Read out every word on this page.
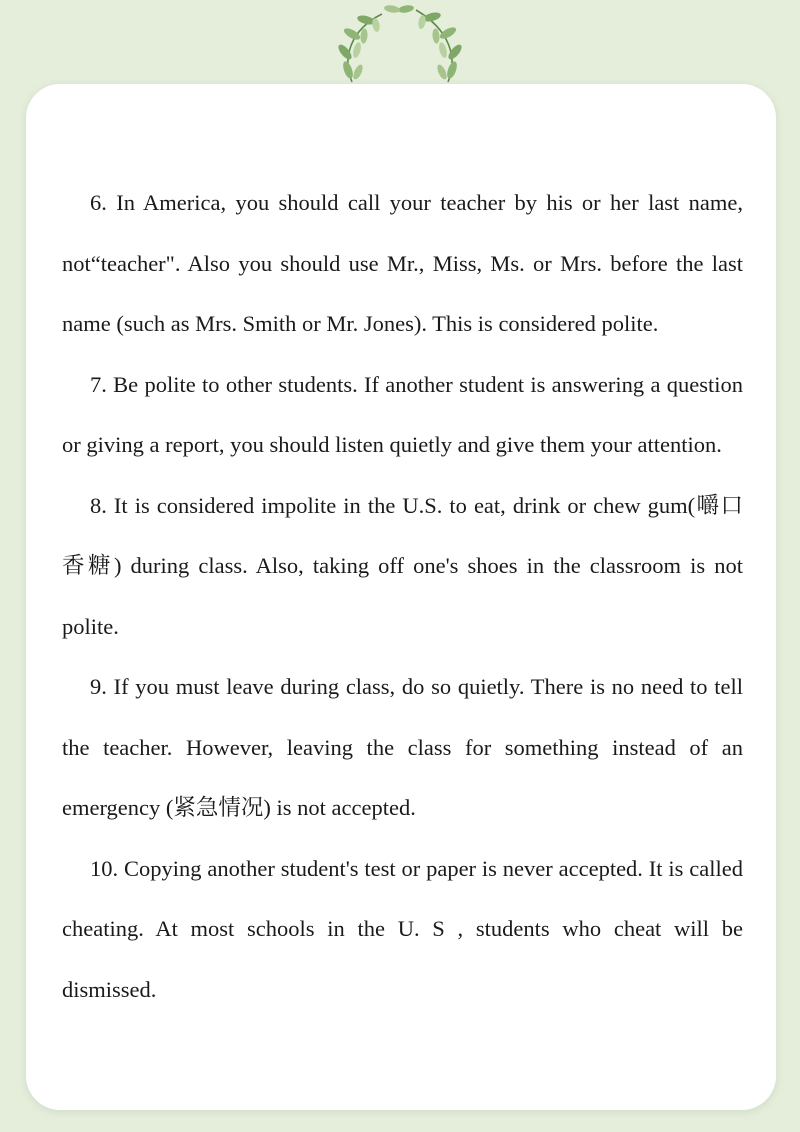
6. In America, you should call your teacher by his or her last name, not“teacher". Also you should use Mr., Miss, Ms. or Mrs. before the last name (such as Mrs. Smith or Mr. Jones). This is considered polite.

7. Be polite to other students. If another student is answering a question or giving a report, you should listen quietly and give them your attention.

8. It is considered impolite in the U.S. to eat, drink or chew gum(嚼口香糖) during class. Also, taking off one's shoes in the classroom is not polite.

9. If you must leave during class, do so quietly. There is no need to tell the teacher. However, leaving the class for something instead of an emergency (紧急情况) is not accepted.

10. Copying another student's test or paper is never accepted. It is called cheating. At most schools in the U. S , students who cheat will be dismissed.
